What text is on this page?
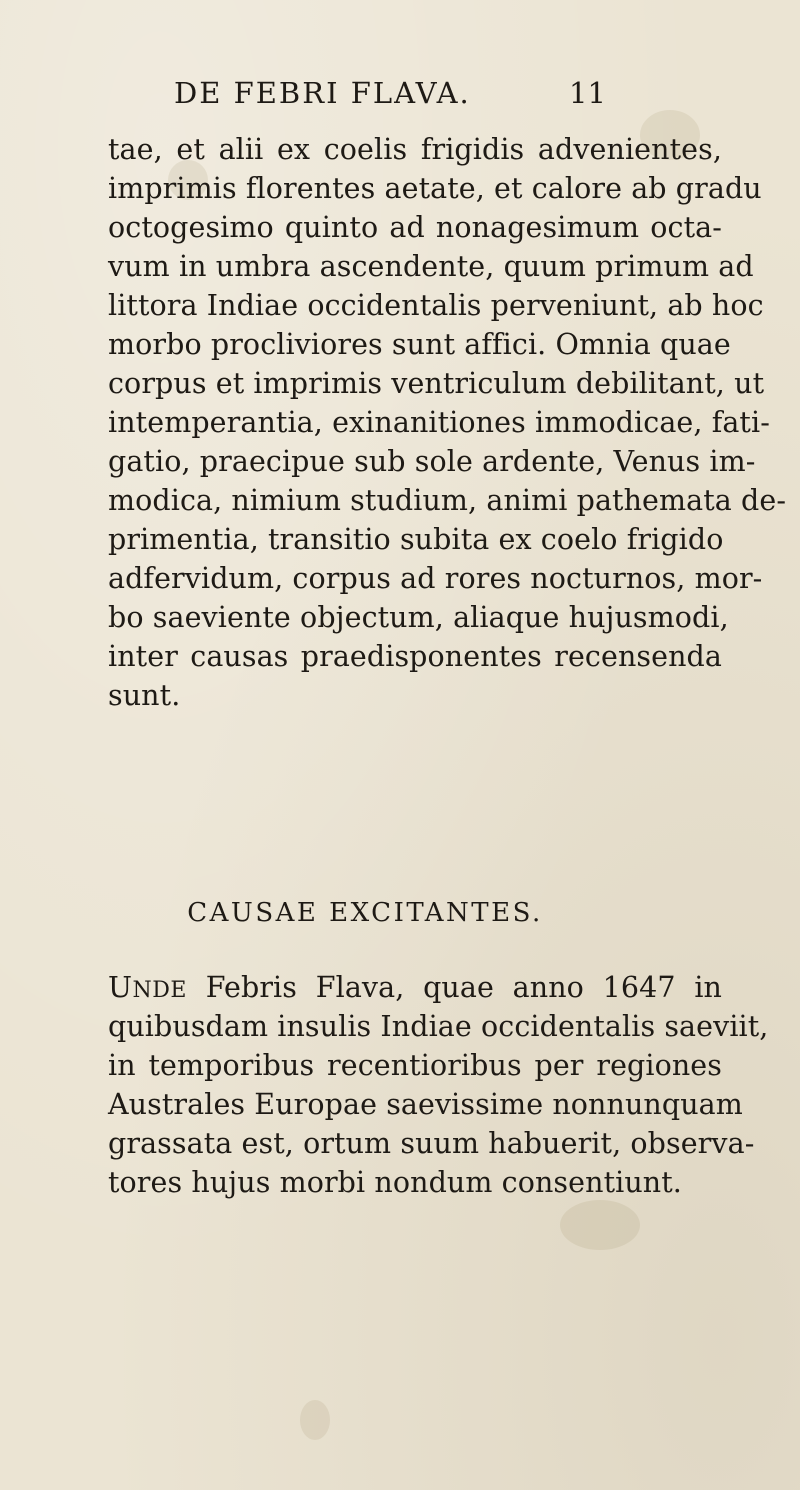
DE FEBRI FLAVA.	11
tae, et alii ex coelis frigidis advenientes,
imprimis florentes aetate, et calore ab gradu
octogesimo quinto ad nonagesimum octa-
vum in umbra ascendente, quum primum ad
littora Indiae occidentalis perveniunt, ab hoc
morbo procliviores sunt affici. Omnia quae
corpus et imprimis ventriculum debilitant, ut
intemperantia, exinanitiones immodicae, fati-
gatio, praecipue sub sole ardente, Venus im-
modica, nimium studium, animi pathemata de-
primentia, transitio subita ex coelo frigido
adfervidum, corpus ad rores nocturnos, mor-
bo saeviente objectum, aliaque hujusmodi,
inter causas praedisponentes recensenda
sunt.
CAUSAE EXCITANTES.
UNDE Febris Flava, quae anno 1647 in
quibusdam insulis Indiae occidentalis saeviit,
in temporibus recentioribus per regiones
Australes Europae saevissime nonnunquam
grassata est, ortum suum habuerit, observa-
tores hujus morbi nondum consentiunt.
